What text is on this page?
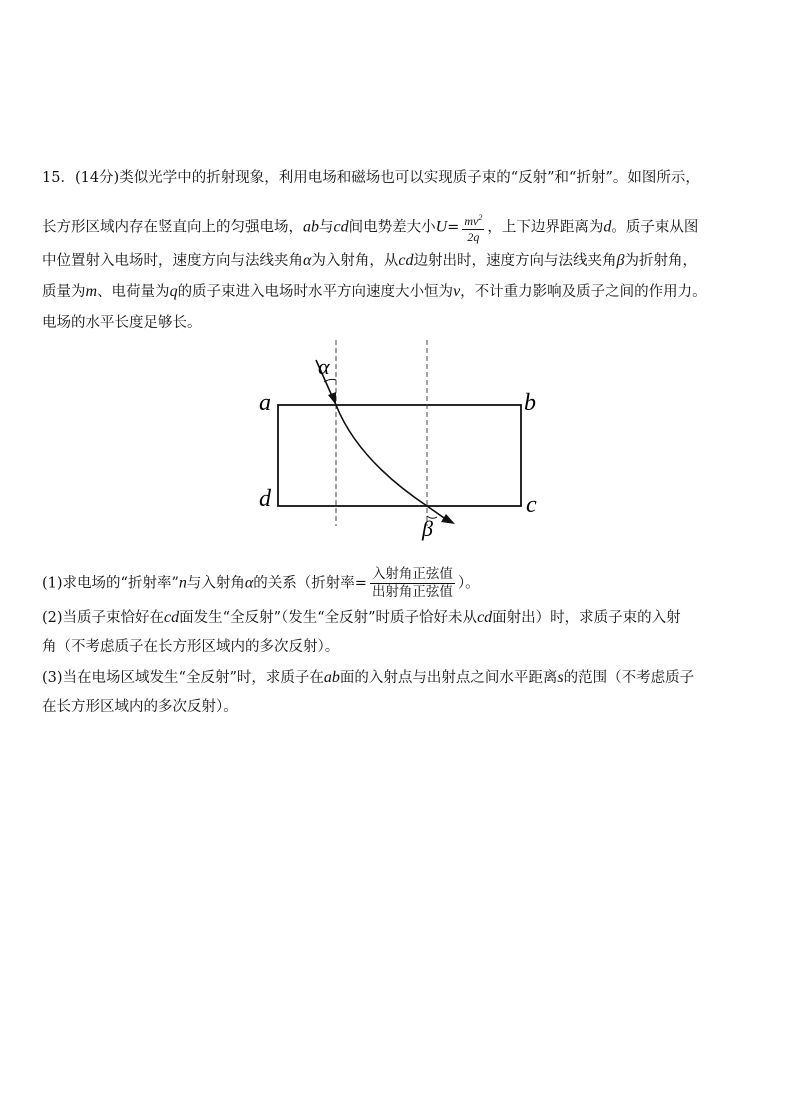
15．(14分)类似光学中的折射现象，利用电场和磁场也可以实现质子束的“反射”和“折射”。如图所示，
长方形区域内存在竖直向上的匀强电场，ab与cd间电势差大小$U= \frac{mv^2}{2q}$ ，上下边界距离为d。质子束从图
中位置射入电场时，速度方向与法线夹角α为入射角，从cd边射出时，速度方向与法线夹角β为折射角，
质量为m、电荷量为q的质子束进入电场时水平方向速度大小恒为v，不计重力影响及质子之间的作用力。
电场的水平长度足够长。
α
β
a	b
c
d
(1)求电场的“折射率”n与入射角α的关系（折射率= $\frac{\text{入射角正弦值}}{\text{出射角正弦值}}$ ）。
(2)当质子束恰好在cd面发生“全反射”（发生“全反射”时质子恰好未从cd面射出）时，求质子束的入射
角（不考虑质子在长方形区域内的多次反射）。
(3)当在电场区域发生“全反射”时，求质子在ab面的入射点与出射点之间水平距离s的范围（不考虑质子
在长方形区域内的多次反射）。
